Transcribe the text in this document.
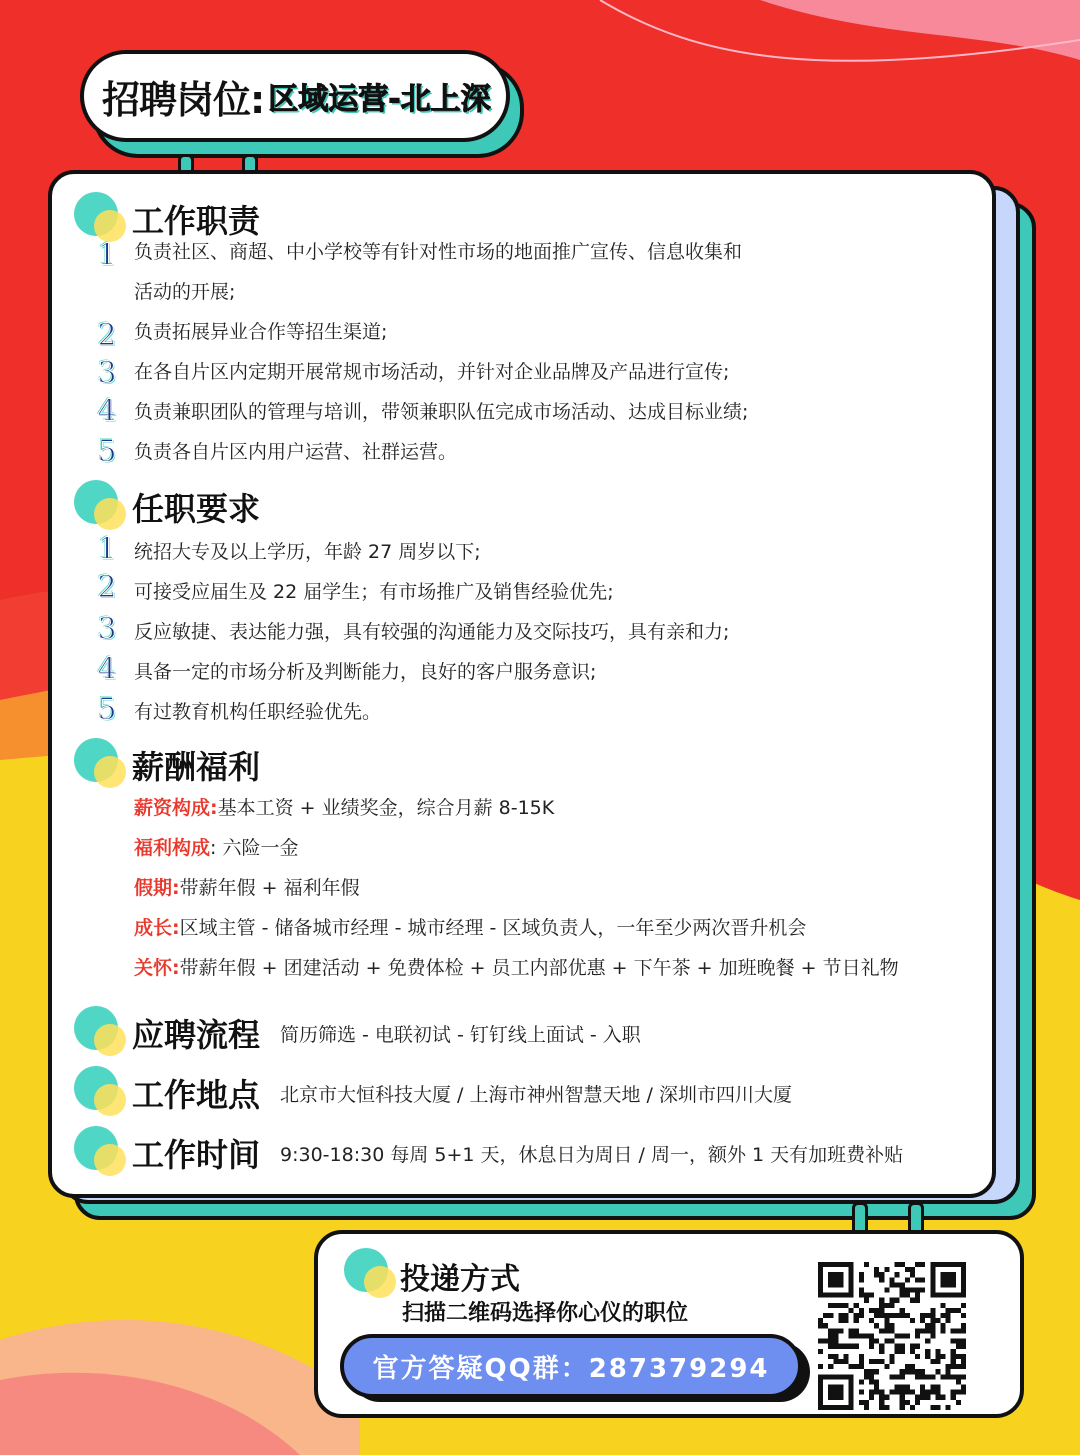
招聘岗位: 区域运营-北上深
工作职责
1 负责社区、商超、中小学校等有针对性市场的地面推广宣传、信息收集和
活动的开展;
2 负责拓展异业合作等招生渠道;
3 在各自片区内定期开展常规市场活动，并针对企业品牌及产品进行宣传;
4 负责兼职团队的管理与培训，带领兼职队伍完成市场活动、达成目标业绩;
5 负责各自片区内用户运营、社群运营。
任职要求
1 统招大专及以上学历，年龄 27 周岁以下;
2 可接受应届生及 22 届学生；有市场推广及销售经验优先;
3 反应敏捷、表达能力强，具有较强的沟通能力及交际技巧，具有亲和力;
4 具备一定的市场分析及判断能力，良好的客户服务意识;
5 有过教育机构任职经验优先。
薪酬福利
薪资构成:基本工资 + 业绩奖金，综合月薪 8-15K
福利构成: 六险一金
假期:带薪年假 + 福利年假
成长:区域主管 - 储备城市经理 - 城市经理 - 区域负责人，一年至少两次晋升机会
关怀:带薪年假 + 团建活动 + 免费体检 + 员工内部优惠 + 下午茶 + 加班晚餐 + 节日礼物
应聘流程 简历筛选 - 电联初试 - 钉钉线上面试 - 入职
工作地点 北京市大恒科技大厦 / 上海市神州智慧天地 / 深圳市四川大厦
工作时间 9:30-18:30 每周 5+1 天，休息日为周日 / 周一，额外 1 天有加班费补贴
投递方式
扫描二维码选择你心仪的职位
官方答疑QQ群：287379294
